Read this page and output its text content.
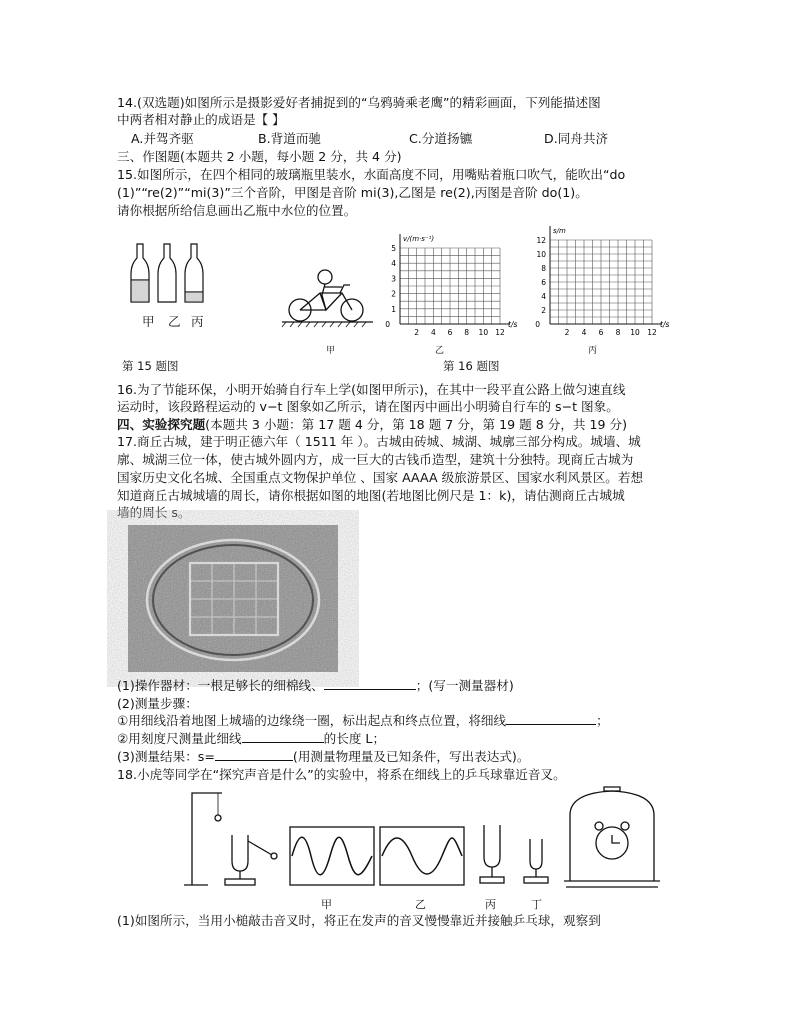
14.(双选题)如图所示是摄影爱好者捕捉到的“乌鸦骑乘老鹰”的精彩画面，下列能描述图
中两者相对静止的成语是【 】
A.并驾齐驱	B.背道而驰	C.分道扬镳	D.同舟共济
三、作图题(本题共 2 小题，每小题 2 分，共 4 分)
15.如图所示，在四个相同的玻璃瓶里装水，水面高度不同，用嘴贴着瓶口吹气，能吹出“do
(1)”“re(2)”“mi(3)”三个音阶，甲图是音阶 mi(3),乙图是 re(2),丙图是音阶 do(1)。
请你根据所给信息画出乙瓶中水位的位置。
甲 乙 丙
甲
5
4
3
2
1
0
2 4 6 8 10 12
v/(m·s⁻¹)
t/s
乙
12
10
8
6
4
2
0
2 4 6 8 10 12
s/m
t/s
丙
第 15 题图	第 16 题图
16.为了节能环保，小明开始骑自行车上学(如图甲所示)，在其中一段平直公路上做匀速直线
运动时，该段路程运动的 v−t 图象如乙所示，请在图丙中画出小明骑自行车的 s−t 图象。
四、实验探究题(本题共 3 小题：第 17 题 4 分，第 18 题 7 分，第 19 题 8 分，共 19 分)
17.商丘古城，建于明正德六年（ 1511 年 ）。古城由砖城、城湖、城廓三部分构成。城墙、城
廓、城湖三位一体，使古城外圆内方，成一巨大的古钱币造型，建筑十分独特。现商丘古城为
国家历史文化名城、全国重点文物保护单位 、国家 AAAA 级旅游景区、国家水利风景区。若想
知道商丘古城城墙的周长，请你根据如图的地图(若地图比例尺是 1：k)，请估测商丘古城城
墙的周长 s。
(1)操作器材：一根足够长的细棉线、	；(写一测量器材)
(2)测量步骤：
①用细线沿着地图上城墙的边缘绕一圈，标出起点和终点位置，将细线	；
②用刻度尺测量此细线	的长度 L；
(3)测量结果：s=	(用测量物理量及已知条件，写出表达式)。
18.小虎等同学在“探究声音是什么”的实验中，将系在细线上的乒乓球靠近音叉。
甲	乙	丙	丁
(1)如图所示，当用小槌敲击音叉时，将正在发声的音叉慢慢靠近并接触乒乓球，观察到
